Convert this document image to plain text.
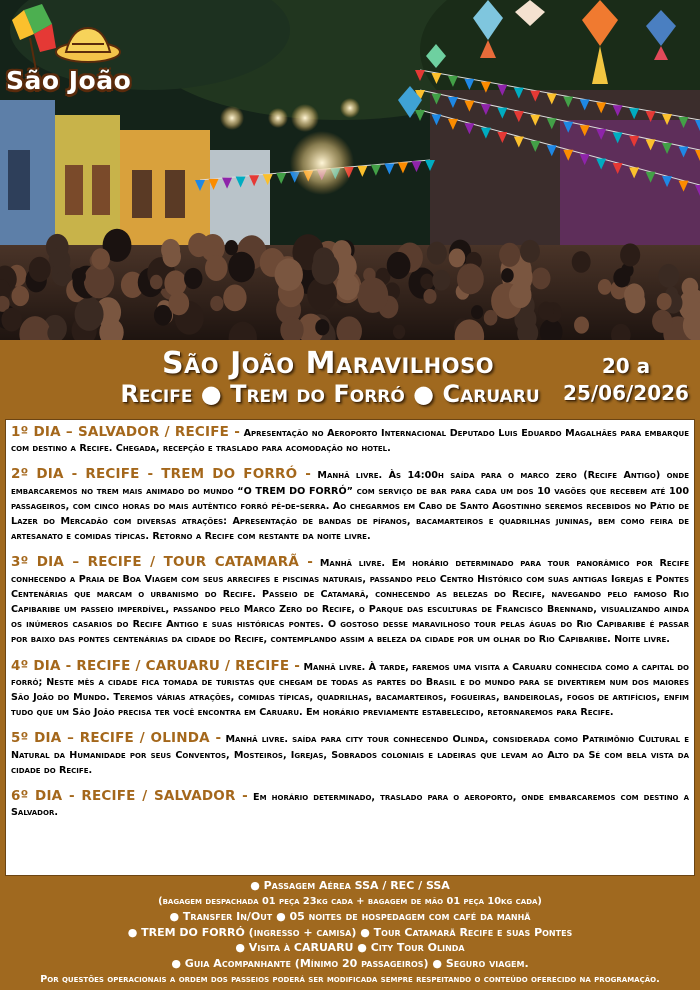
São João
São João Maravilhoso
Recife ● Trem do Forró ● Caruaru
20 a
25/06/2026

1º DIA – SALVADOR / RECIFE - Apresentação no Aeroporto Internacional Deputado Luis Eduardo Magalhães para embarque com destino a Recife. Chegada, recepção e traslado para acomodação no hotel.

2º DIA - RECIFE - TREM DO FORRÓ - Manhã livre. Às 14:00h saída para o marco zero (Recife Antigo) onde embarcaremos no trem mais animado do mundo “O TREM DO FORRÓ” com serviço de bar para cada um dos 10 vagões que recebem até 100 passageiros, com cinco horas do mais autêntico forró pé-de-serra. Ao chegarmos em Cabo de Santo Agostinho seremos recebidos no Pátio de Lazer do Mercadão com diversas atrações: Apresentação de bandas de pífanos, bacamarteiros e quadrilhas juninas, bem como feira de artesanato e comidas típicas. Retorno a Recife com restante da noite livre.

3º DIA – RECIFE / TOUR CATAMARÃ - Manhã livre. Em horário determinado para tour panorâmico por Recife conhecendo a Praia de Boa Viagem com seus arrecifes e piscinas naturais, passando pelo Centro Histórico com suas antigas Igrejas e Pontes Centenárias que marcam o urbanismo do Recife. Passeio de Catamarã, conhecendo as belezas do Recife, navegando pelo famoso Rio Capibaribe um passeio imperdível, passando pelo Marco Zero do Recife, o Parque das esculturas de Francisco Brennand, visualizando ainda os inúmeros casarios do Recife Antigo e suas históricas pontes. O gostoso desse maravilhoso tour pelas águas do Rio Capibaribe é passar por baixo das pontes centenárias da cidade do Recife, contemplando assim a beleza da cidade por um olhar do Rio Capibaribe. Noite livre.

4º DIA - RECIFE / CARUARU / RECIFE - Manhã livre. À tarde, faremos uma visita a Caruaru conhecida como a capital do forró; Neste mês a cidade fica tomada de turistas que chegam de todas as partes do Brasil e do mundo para se divertirem num dos maiores São João do Mundo. Teremos várias atrações, comidas típicas, quadrilhas, bacamarteiros, fogueiras, bandeirolas, fogos de artifícios, enfim tudo que um São João precisa ter você encontra em Caruaru. Em horário previamente estabelecido, retornaremos para Recife.

5º DIA – RECIFE / OLINDA - Manhã livre. saída para city tour conhecendo Olinda, considerada como Patrimônio Cultural e Natural da Humanidade por seus Conventos, Mosteiros, Igrejas, Sobrados coloniais e ladeiras que levam ao Alto da Sé com bela vista da cidade do Recife.

6º DIA - RECIFE / SALVADOR - Em horário determinado, traslado para o aeroporto, onde embarcaremos com destino a Salvador.

● Passagem Aérea SSA / REC / SSA
(bagagem despachada 01 peça 23kg cada + bagagem de mão 01 peça 10kg cada)
● Transfer In/Out ● 05 noites de hospedagem com café da manhã
● TREM DO FORRÓ (ingresso + camisa) ● Tour Catamarã Recife e suas Pontes
● Visita à CARUARU ● City Tour Olinda
● Guia Acompanhante (Mínimo 20 passageiros) ● Seguro viagem.
Por questões operacionais a ordem dos passeios poderá ser modificada sempre respeitando o conteúdo oferecido na programação.
